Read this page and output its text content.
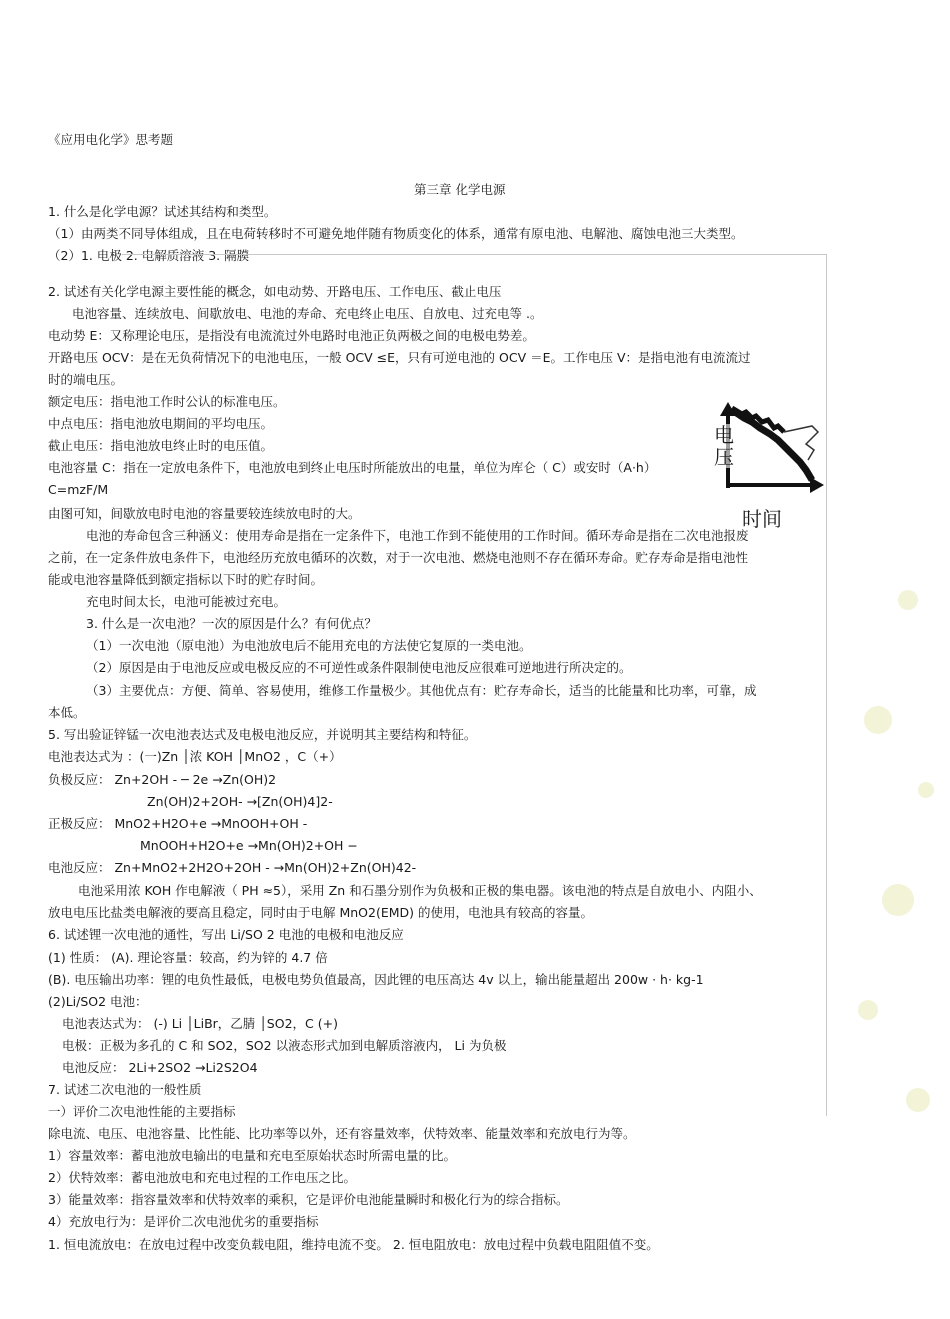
《应用电化学》思考题
第三章 化学电源
1. 什么是化学电源？试述其结构和类型。
（1）由两类不同导体组成，且在电荷转移时不可避免地伴随有物质变化的体系，通常有原电池、电解池、腐蚀电池三大类型。
（2）1. 电极 2. 电解质溶液 3. 隔膜
2. 试述有关化学电源主要性能的概念，如电动势、开路电压、工作电压、截止电压
电池容量、连续放电、间歇放电、电池的寿命、充电终止电压、自放电、过充电等 .。
电动势 E：又称理论电压，是指没有电流流过外电路时电池正负两极之间的电极电势差。
开路电压 OCV：是在无负荷情况下的电池电压，一般 OCV ≤E，只有可逆电池的 OCV ＝E。工作电压 V：是指电池有电流流过
时的端电压。
额定电压：指电池工作时公认的标准电压。
中点电压：指电池放电期间的平均电压。
截止电压：指电池放电终止时的电压值。
电池容量 C：指在一定放电条件下，电池放电到终止电压时所能放出的电量，单位为库仑（ C）或安时（A·h）
C=mzF/M
由图可知，间歇放电时电池的容量要较连续放电时的大。
电池的寿命包含三种涵义：使用寿命是指在一定条件下，电池工作到不能使用的工作时间。循环寿命是指在二次电池报废
之前，在一定条件放电条件下，电池经历充放电循环的次数，对于一次电池、燃烧电池则不存在循环寿命。贮存寿命是指电池性
能或电池容量降低到额定指标以下时的贮存时间。
充电时间太长，电池可能被过充电。
3. 什么是一次电池？一次的原因是什么？有何优点？
（1）一次电池（原电池）为电池放电后不能用充电的方法使它复原的一类电池。
（2）原因是由于电池反应或电极反应的不可逆性或条件限制使电池反应很难可逆地进行所决定的。
（3）主要优点：方便、简单、容易使用，维修工作量极少。其他优点有：贮存寿命长，适当的比能量和比功率，可靠，成
本低。
5. 写出验证锌锰一次电池表达式及电极电池反应，并说明其主要结构和特征。
电池表达式为 ：(一)Zn │浓 KOH │MnO2 ，C（+）
负极反应： Zn+2OH - ─ 2e →Zn(OH)2
Zn(OH)2+2OH- →[Zn(OH)4]2-
正极反应： MnO2+H2O+e →MnOOH+OH -
MnOOH+H2O+e →Mn(OH)2+OH −
电池反应： Zn+MnO2+2H2O+2OH - →Mn(OH)2+Zn(OH)42-
电池采用浓 KOH 作电解液（ PH ≈5），采用 Zn 和石墨分别作为负极和正极的集电器。该电池的特点是自放电小、内阻小、
放电电压比盐类电解液的要高且稳定，同时由于电解 MnO2(EMD) 的使用，电池具有较高的容量。
6. 试述锂一次电池的通性，写出 Li/SO 2 电池的电极和电池反应
(1) 性质： (A). 理论容量：较高，约为锌的 4.7 倍
(B). 电压输出功率：锂的电负性最低，电极电势负值最高，因此锂的电压高达 4v 以上，输出能量超出 200w · h· kg-1
(2)Li/SO2 电池：
电池表达式为： (-) Li │LiBr，乙腈 │SO2，C (+)
电极：正极为多孔的 C 和 SO2，SO2 以液态形式加到电解质溶液内， Li 为负极
电池反应： 2Li+2SO2 →Li2S2O4
7. 试述二次电池的一般性质
一）评价二次电池性能的主要指标
除电流、电压、电池容量、比性能、比功率等以外，还有容量效率，伏特效率、能量效率和充放电行为等。
1）容量效率：蓄电池放电输出的电量和充电至原始状态时所需电量的比。
2）伏特效率：蓄电池放电和充电过程的工作电压之比。
3）能量效率：指容量效率和伏特效率的乘积，它是评价电池能量瞬时和极化行为的综合指标。
4）充放电行为：是评价二次电池优劣的重要指标
1. 恒电流放电：在放电过程中改变负载电阻，维持电流不变。 2. 恒电阻放电：放电过程中负载电阻阻值不变。
电压
时间
